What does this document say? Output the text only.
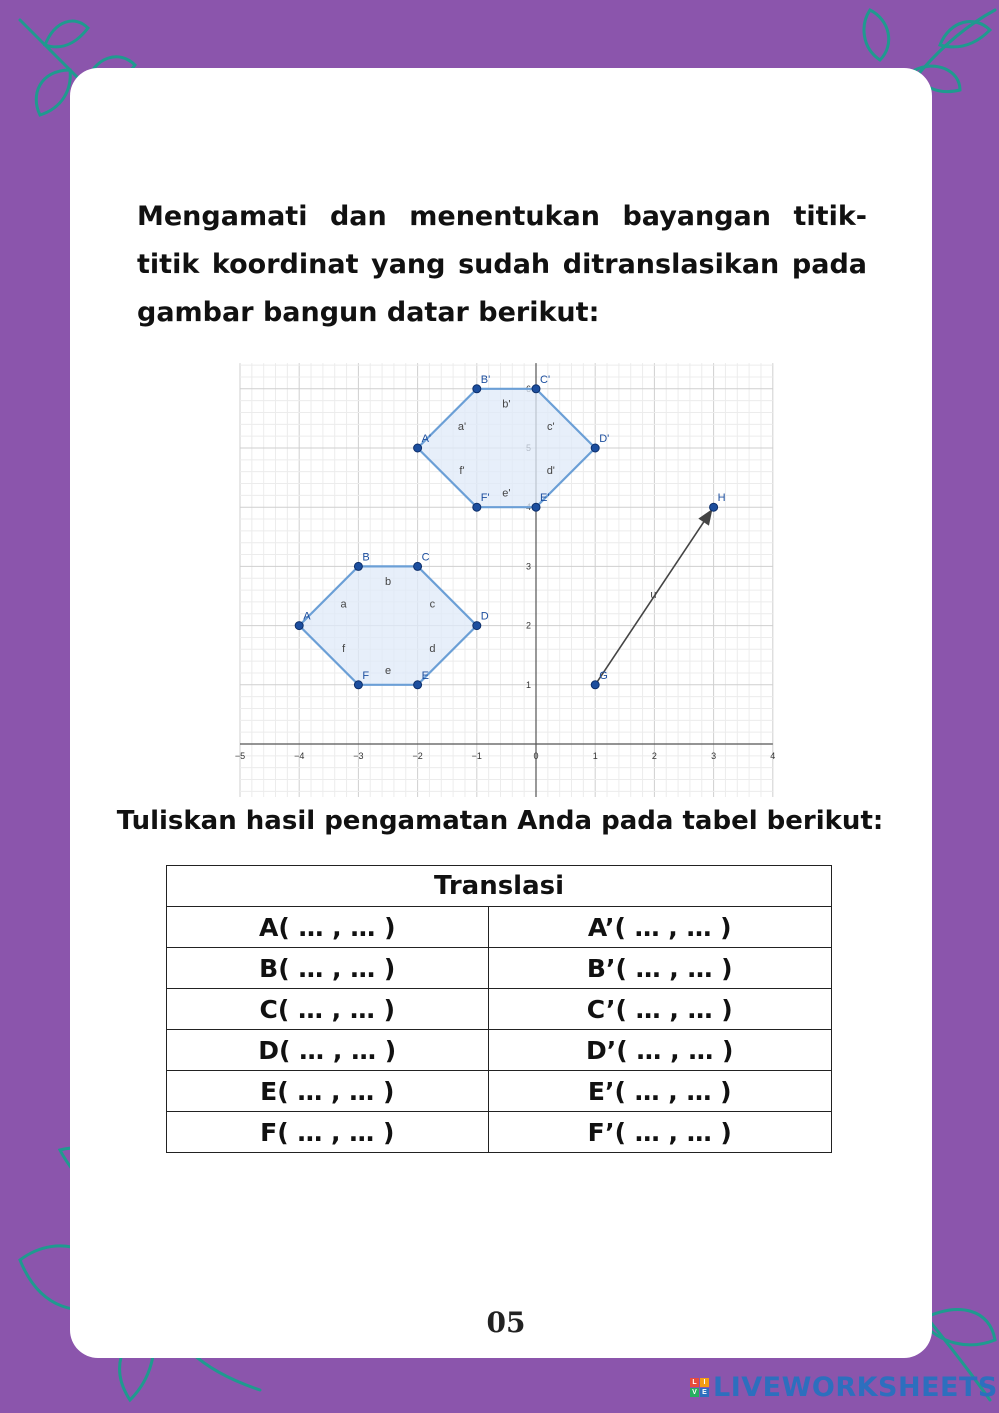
Mengamati dan menentukan bayangan titik-titik koordinat yang sudah ditranslasikan pada gambar bangun datar berikut:

−5	−4	−3	−2	−1	0	1	2	3	4
1
2
3
a
b
c
d
e
f
a'
b'
c'
d'
e'
f'
u
A
B	C
D
E
F
A'
B'	C'
D'
E'
F'
G
H

Tuliskan hasil pengamatan Anda pada tabel berikut:

Translasi	
A( … , … )	A’( … , … )
B( … , … )	B’( … , … )
C( … , … )	C’( … , … )
D( … , … )	D’( … , … )
E( … , … )	E’( … , … )
F( … , … )	F’( … , … )
05
L I
V E LIVEWORKSHEETS
